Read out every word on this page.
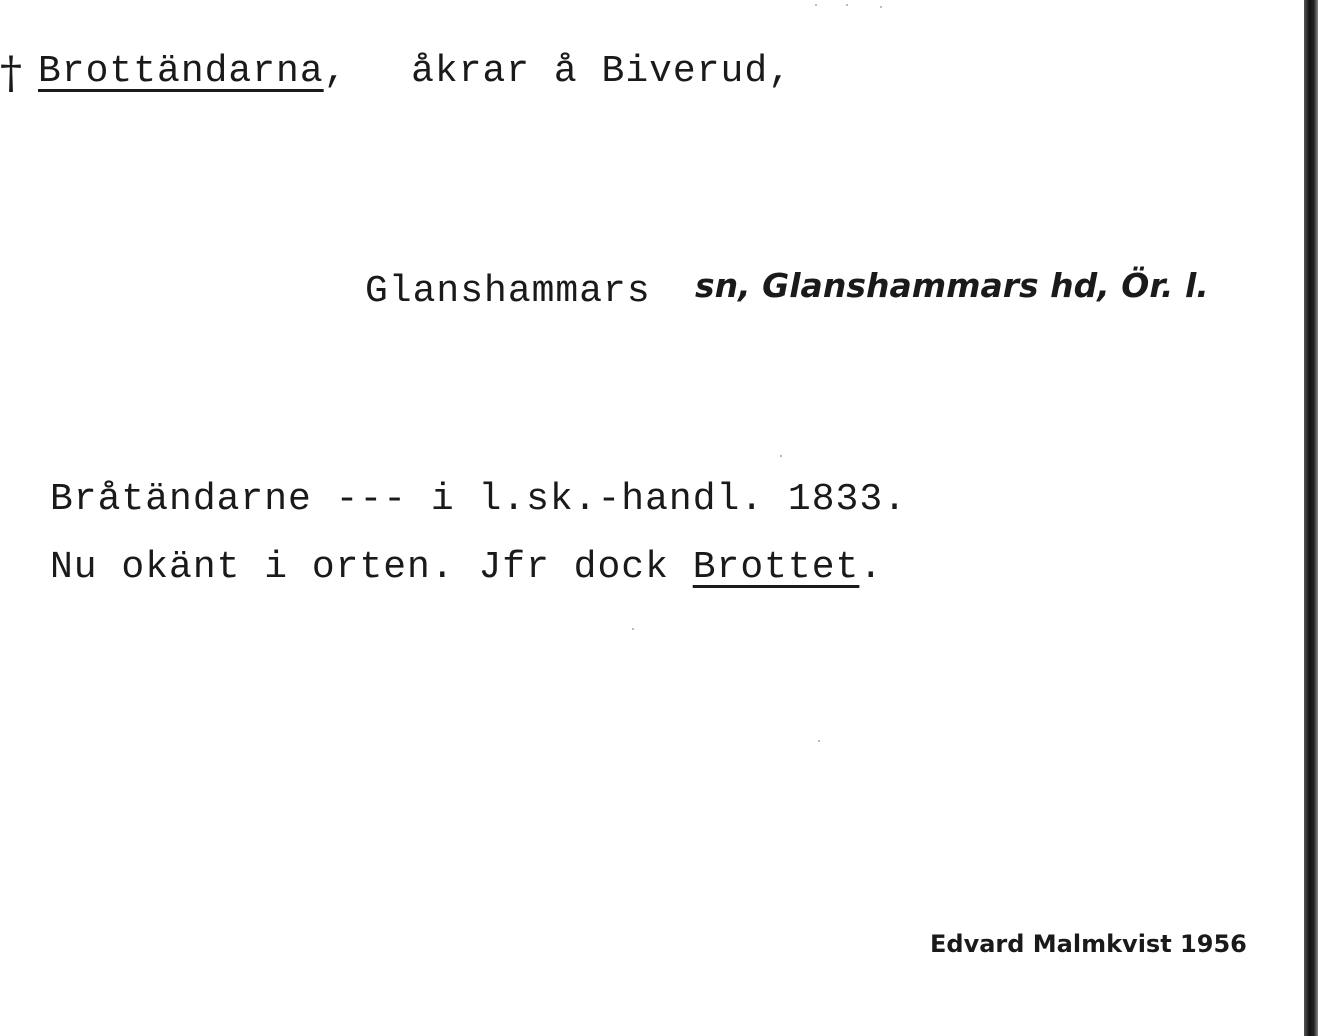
† Brottändarna, åkrar å Biverud,
Glanshammars sn, Glanshammars hd, Ör. l.
Bråtändarne --- i l.sk.-handl. 1833.
Nu okänt i orten. Jfr dock Brottet.
Edvard Malmkvist 1956
